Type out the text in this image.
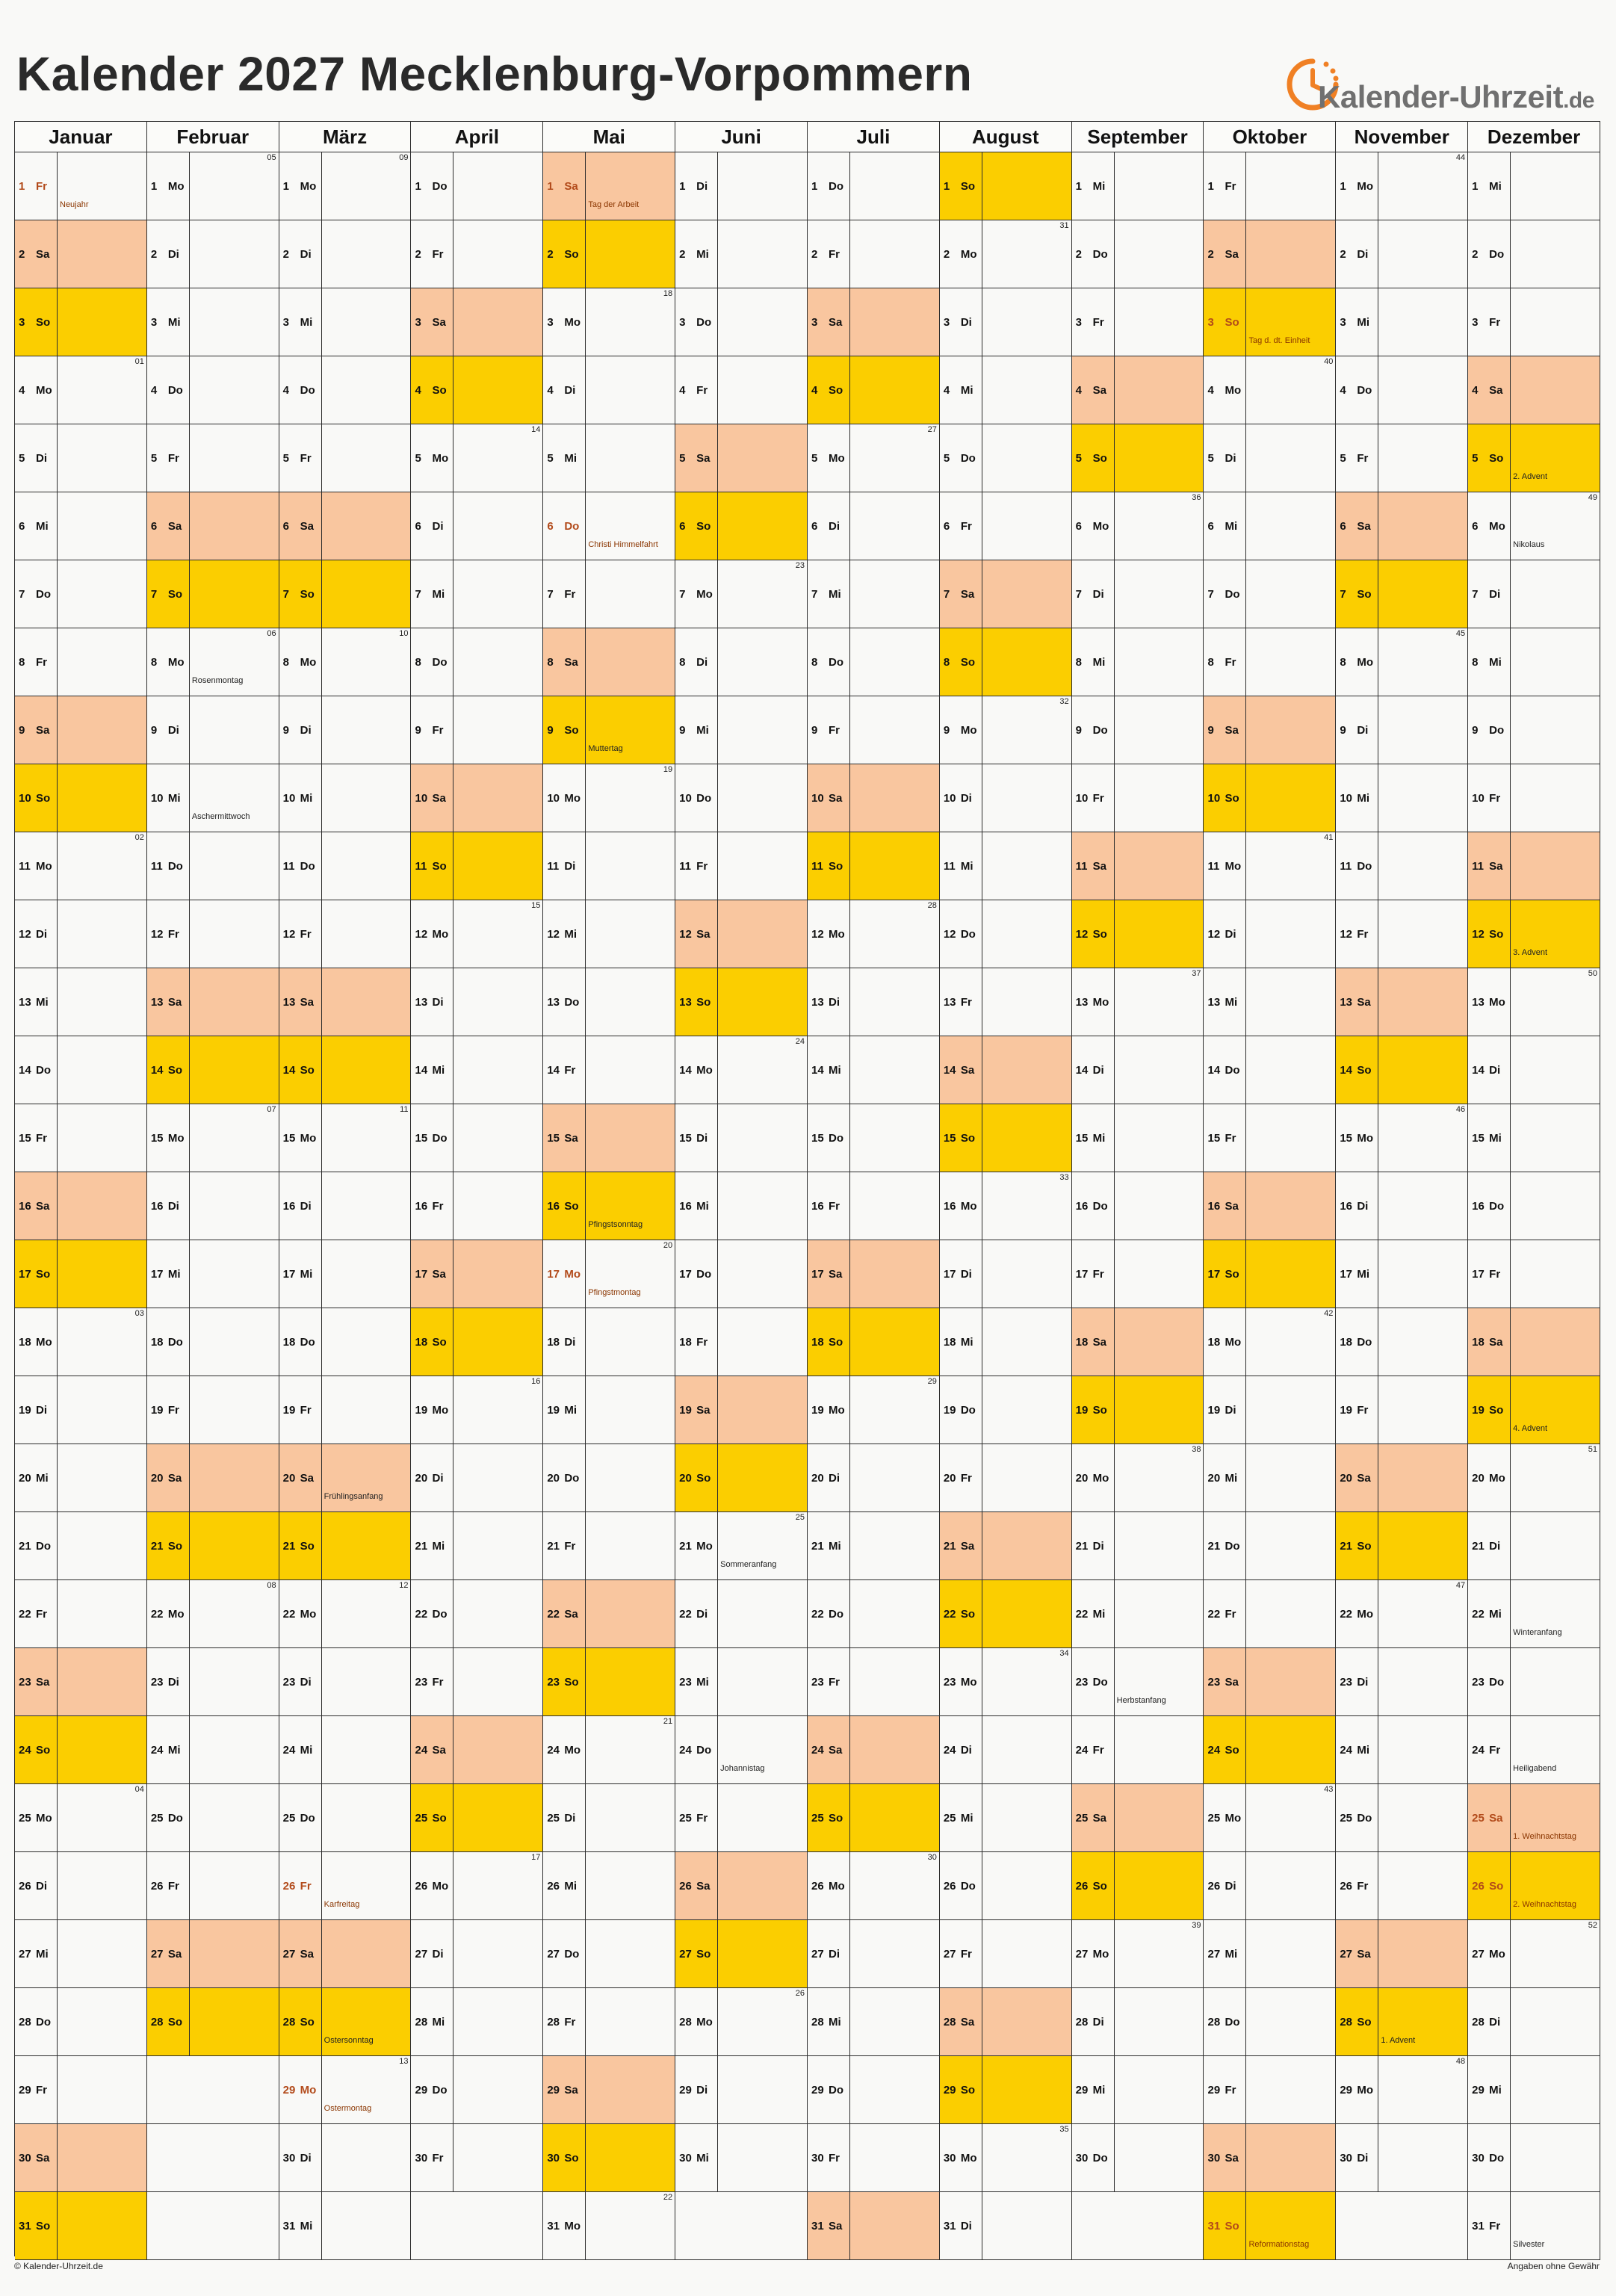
Kalender 2027 Mecklenburg-Vorpommern	Kalender-Uhrzeit.de
Januar
1 Fr
Neujahr
2 Sa
3 So
4 Mo
01
5 Di
6 Mi
7 Do
8 Fr
9 Sa
10 So
11 Mo
02
12 Di
13 Mi
14 Do
15 Fr
16 Sa
17 So
18 Mo
03
19 Di
20 Mi
21 Do
22 Fr
23 Sa
24 So
25 Mo
04
26 Di
27 Mi
28 Do
29 Fr
30 Sa
31 So
Februar
1 Mo
05
2 Di
3 Mi
4 Do
5 Fr
6 Sa
7 So
8 Mo
06
Rosenmontag
9 Di
10 Mi
Aschermittwoch
11 Do
12 Fr
13 Sa
14 So
15 Mo
07
16 Di
17 Mi
18 Do
19 Fr
20 Sa
21 So
22 Mo
08
23 Di
24 Mi
25 Do
26 Fr
27 Sa
28 So
März
1 Mo
09
2 Di
3 Mi
4 Do
5 Fr
6 Sa
7 So
8 Mo
10
9 Di
10 Mi
11 Do
12 Fr
13 Sa
14 So
15 Mo
11
16 Di
17 Mi
18 Do
19 Fr
20 Sa
Frühlingsanfang
21 So
22 Mo
12
23 Di
24 Mi
25 Do
26 Fr
Karfreitag
27 Sa
28 So
Ostersonntag
29 Mo
13
Ostermontag
30 Di
31 Mi
April
1 Do
2 Fr
3 Sa
4 So
5 Mo
14
6 Di
7 Mi
8 Do
9 Fr
10 Sa
11 So
12 Mo
15
13 Di
14 Mi
15 Do
16 Fr
17 Sa
18 So
19 Mo
16
20 Di
21 Mi
22 Do
23 Fr
24 Sa
25 So
26 Mo
17
27 Di
28 Mi
29 Do
30 Fr
Mai
1 Sa
Tag der Arbeit
2 So
3 Mo
18
4 Di
5 Mi
6 Do
Christi Himmelfahrt
7 Fr
8 Sa
9 So
Muttertag
10 Mo
19
11 Di
12 Mi
13 Do
14 Fr
15 Sa
16 So
Pfingstsonntag
17 Mo
20
Pfingstmontag
18 Di
19 Mi
20 Do
21 Fr
22 Sa
23 So
24 Mo
21
25 Di
26 Mi
27 Do
28 Fr
29 Sa
30 So
31 Mo
22
Juni
1 Di
2 Mi
3 Do
4 Fr
5 Sa
6 So
7 Mo
23
8 Di
9 Mi
10 Do
11 Fr
12 Sa
13 So
14 Mo
24
15 Di
16 Mi
17 Do
18 Fr
19 Sa
20 So
21 Mo
25
Sommeranfang
22 Di
23 Mi
24 Do
Johannistag
25 Fr
26 Sa
27 So
28 Mo
26
29 Di
30 Mi
Juli
1 Do
2 Fr
3 Sa
4 So
5 Mo
27
6 Di
7 Mi
8 Do
9 Fr
10 Sa
11 So
12 Mo
28
13 Di
14 Mi
15 Do
16 Fr
17 Sa
18 So
19 Mo
29
20 Di
21 Mi
22 Do
23 Fr
24 Sa
25 So
26 Mo
30
27 Di
28 Mi
29 Do
30 Fr
31 Sa
August
1 So
2 Mo
31
3 Di
4 Mi
5 Do
6 Fr
7 Sa
8 So
9 Mo
32
10 Di
11 Mi
12 Do
13 Fr
14 Sa
15 So
16 Mo
33
17 Di
18 Mi
19 Do
20 Fr
21 Sa
22 So
23 Mo
34
24 Di
25 Mi
26 Do
27 Fr
28 Sa
29 So
30 Mo
35
31 Di
September
1 Mi
2 Do
3 Fr
4 Sa
5 So
6 Mo
36
7 Di
8 Mi
9 Do
10 Fr
11 Sa
12 So
13 Mo
37
14 Di
15 Mi
16 Do
17 Fr
18 Sa
19 So
20 Mo
38
21 Di
22 Mi
23 Do
Herbstanfang
24 Fr
25 Sa
26 So
27 Mo
39
28 Di
29 Mi
30 Do
Oktober
1 Fr
2 Sa
3 So
Tag d. dt. Einheit
4 Mo
40
5 Di
6 Mi
7 Do
8 Fr
9 Sa
10 So
11 Mo
41
12 Di
13 Mi
14 Do
15 Fr
16 Sa
17 So
18 Mo
42
19 Di
20 Mi
21 Do
22 Fr
23 Sa
24 So
25 Mo
43
26 Di
27 Mi
28 Do
29 Fr
30 Sa
31 So
Reformationstag
November
1 Mo
44
2 Di
3 Mi
4 Do
5 Fr
6 Sa
7 So
8 Mo
45
9 Di
10 Mi
11 Do
12 Fr
13 Sa
14 So
15 Mo
46
16 Di
17 Mi
18 Do
19 Fr
20 Sa
21 So
22 Mo
47
23 Di
24 Mi
25 Do
26 Fr
27 Sa
28 So
1. Advent
29 Mo
48
30 Di
Dezember
1 Mi
2 Do
3 Fr
4 Sa
5 So
2. Advent
6 Mo
49
Nikolaus
7 Di
8 Mi
9 Do
10 Fr
11 Sa
12 So
3. Advent
13 Mo
50
14 Di
15 Mi
16 Do
17 Fr
18 Sa
19 So
4. Advent
20 Mo
51
21 Di
22 Mi
Winteranfang
23 Do
24 Fr
Heiligabend
25 Sa
1. Weihnachtstag
26 So
2. Weihnachtstag
27 Mo
52
28 Di
29 Mi
30 Do
31 Fr
Silvester
© Kalender-Uhrzeit.de	Angaben ohne Gewähr
